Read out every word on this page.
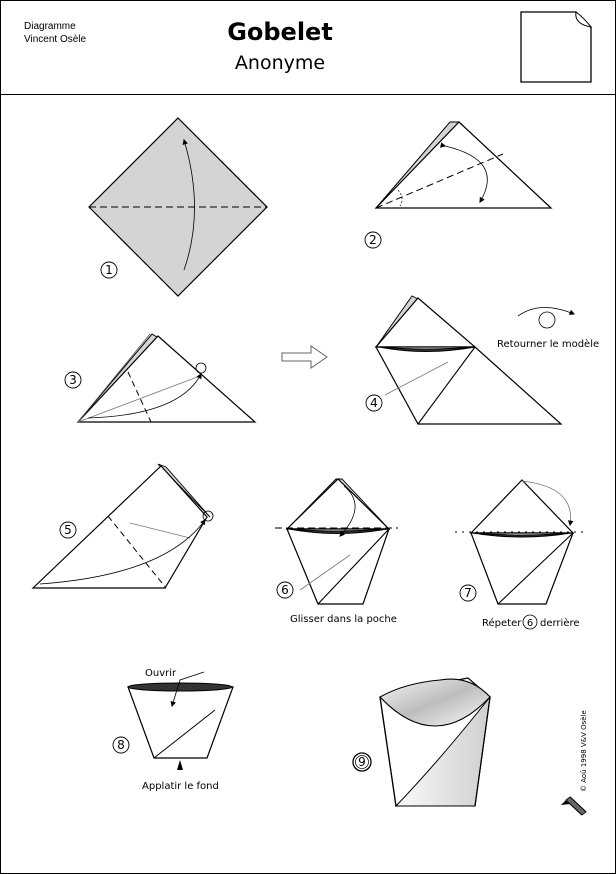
Diagramme
Vincent Osèle	Gobelet
Anonyme
1
2
3
4
5
6	7
8
9
Retourner le modèle
Glisser dans la poche	Répeter 6 derrière
Ouvrir
Applatir le fond	© Aoû 1998 V&V Osèle
